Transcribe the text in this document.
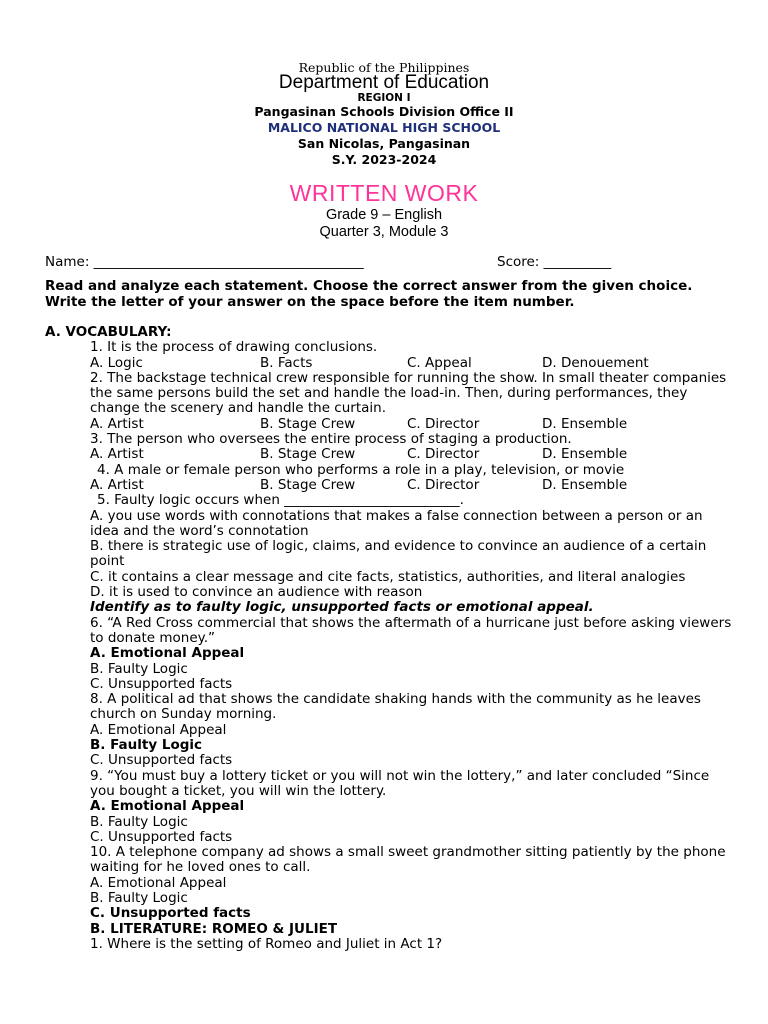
Republic of the Philippines
Department of Education
REGION I
Pangasinan Schools Division Office II
MALICO NATIONAL HIGH SCHOOL
San Nicolas, Pangasinan
S.Y. 2023-2024
WRITTEN WORK
Grade 9 – English
Quarter 3, Module 3
Name: ________________________________________	Score: __________
Read and analyze each statement. Choose the correct answer from the given choice. Write the letter of your answer on the space before the item number.
A. VOCABULARY:
1. It is the process of drawing conclusions.
A. Logic	B. Facts	C. Appeal	D. Denouement
2. The backstage technical crew responsible for running the show. In small theater companies the same persons build the set and handle the load-in. Then, during performances, they change the scenery and handle the curtain.
A. Artist	B. Stage Crew	C. Director	D. Ensemble
3. The person who oversees the entire process of staging a production.
A. Artist	B. Stage Crew	C. Director	D. Ensemble
4. A male or female person who performs a role in a play, television, or movie
A. Artist	B. Stage Crew	C. Director	D. Ensemble
5. Faulty logic occurs when __________________________.
A. you use words with connotations that makes a false connection between a person or an idea and the word’s connotation
B. there is strategic use of logic, claims, and evidence to convince an audience of a certain point
C. it contains a clear message and cite facts, statistics, authorities, and literal analogies
D. it is used to convince an audience with reason
Identify as to faulty logic, unsupported facts or emotional appeal.
6. “A Red Cross commercial that shows the aftermath of a hurricane just before asking viewers to donate money.”
A. Emotional Appeal
B. Faulty Logic
C. Unsupported facts
8. A political ad that shows the candidate shaking hands with the community as he leaves church on Sunday morning.
A. Emotional Appeal
B. Faulty Logic
C. Unsupported facts
9. “You must buy a lottery ticket or you will not win the lottery,” and later concluded “Since you bought a ticket, you will win the lottery.
A. Emotional Appeal
B. Faulty Logic
C. Unsupported facts
10. A telephone company ad shows a small sweet grandmother sitting patiently by the phone waiting for he loved ones to call.
A. Emotional Appeal
B. Faulty Logic
C. Unsupported facts
B. LITERATURE: ROMEO & JULIET
1. Where is the setting of Romeo and Juliet in Act 1?
